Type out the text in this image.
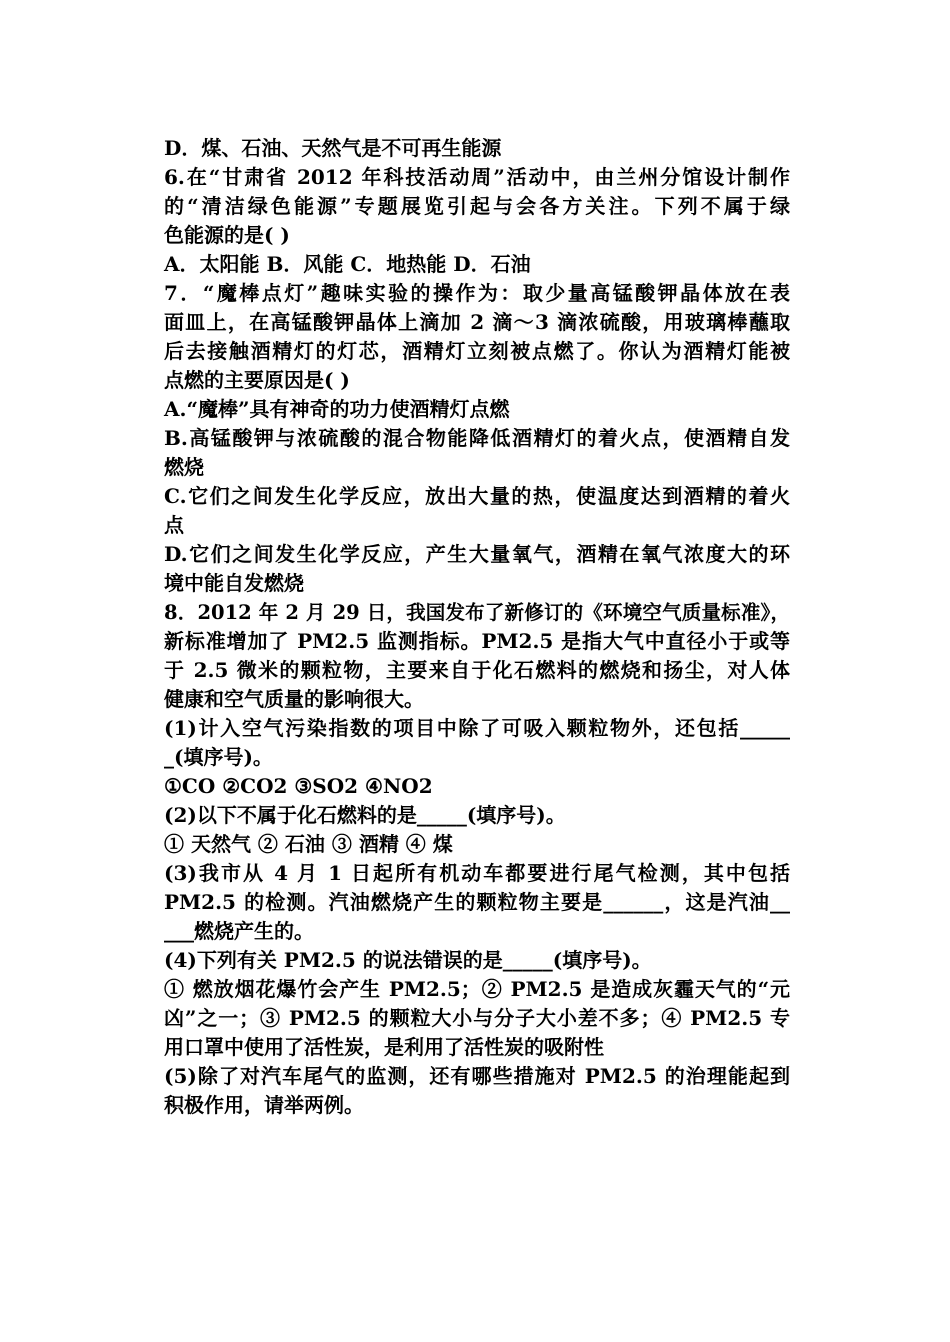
D．煤、石油、天然气是不可再生能源
6.在“甘肃省 2012 年科技活动周”活动中，由兰州分馆设计制作
的“清洁绿色能源”专题展览引起与会各方关注。下列不属于绿
色能源的是( )
A．太阳能 B．风能 C．地热能 D．石油
7．“魔棒点灯”趣味实验的操作为：取少量高锰酸钾晶体放在表
面皿上，在高锰酸钾晶体上滴加 2 滴～3 滴浓硫酸，用玻璃棒蘸取
后去接触酒精灯的灯芯，酒精灯立刻被点燃了。你认为酒精灯能被
点燃的主要原因是( )
A.“魔棒”具有神奇的功力使酒精灯点燃
B.高锰酸钾与浓硫酸的混合物能降低酒精灯的着火点，使酒精自发
燃烧
C.它们之间发生化学反应，放出大量的热，使温度达到酒精的着火
点
D.它们之间发生化学反应，产生大量氧气，酒精在氧气浓度大的环
境中能自发燃烧
8．2012 年 2 月 29 日，我国发布了新修订的《环境空气质量标准》，
新标准增加了 PM2.5 监测指标。PM2.5 是指大气中直径小于或等
于 2.5 微米的颗粒物，主要来自于化石燃料的燃烧和扬尘，对人体
健康和空气质量的影响很大。
(1)计入空气污染指数的项目中除了可吸入颗粒物外，还包括_____
_(填序号)。
①CO ②CO2 ③SO2 ④NO2
(2)以下不属于化石燃料的是_____(填序号)。
① 天然气 ② 石油 ③ 酒精 ④ 煤
(3)我市从 4 月 1 日起所有机动车都要进行尾气检测，其中包括
PM2.5 的检测。汽油燃烧产生的颗粒物主要是______，这是汽油__
___燃烧产生的。
(4)下列有关 PM2.5 的说法错误的是_____(填序号)。
① 燃放烟花爆竹会产生 PM2.5；② PM2.5 是造成灰霾天气的“元
凶”之一；③ PM2.5 的颗粒大小与分子大小差不多；④ PM2.5 专
用口罩中使用了活性炭，是利用了活性炭的吸附性
(5)除了对汽车尾气的监测，还有哪些措施对 PM2.5 的治理能起到
积极作用，请举两例。
